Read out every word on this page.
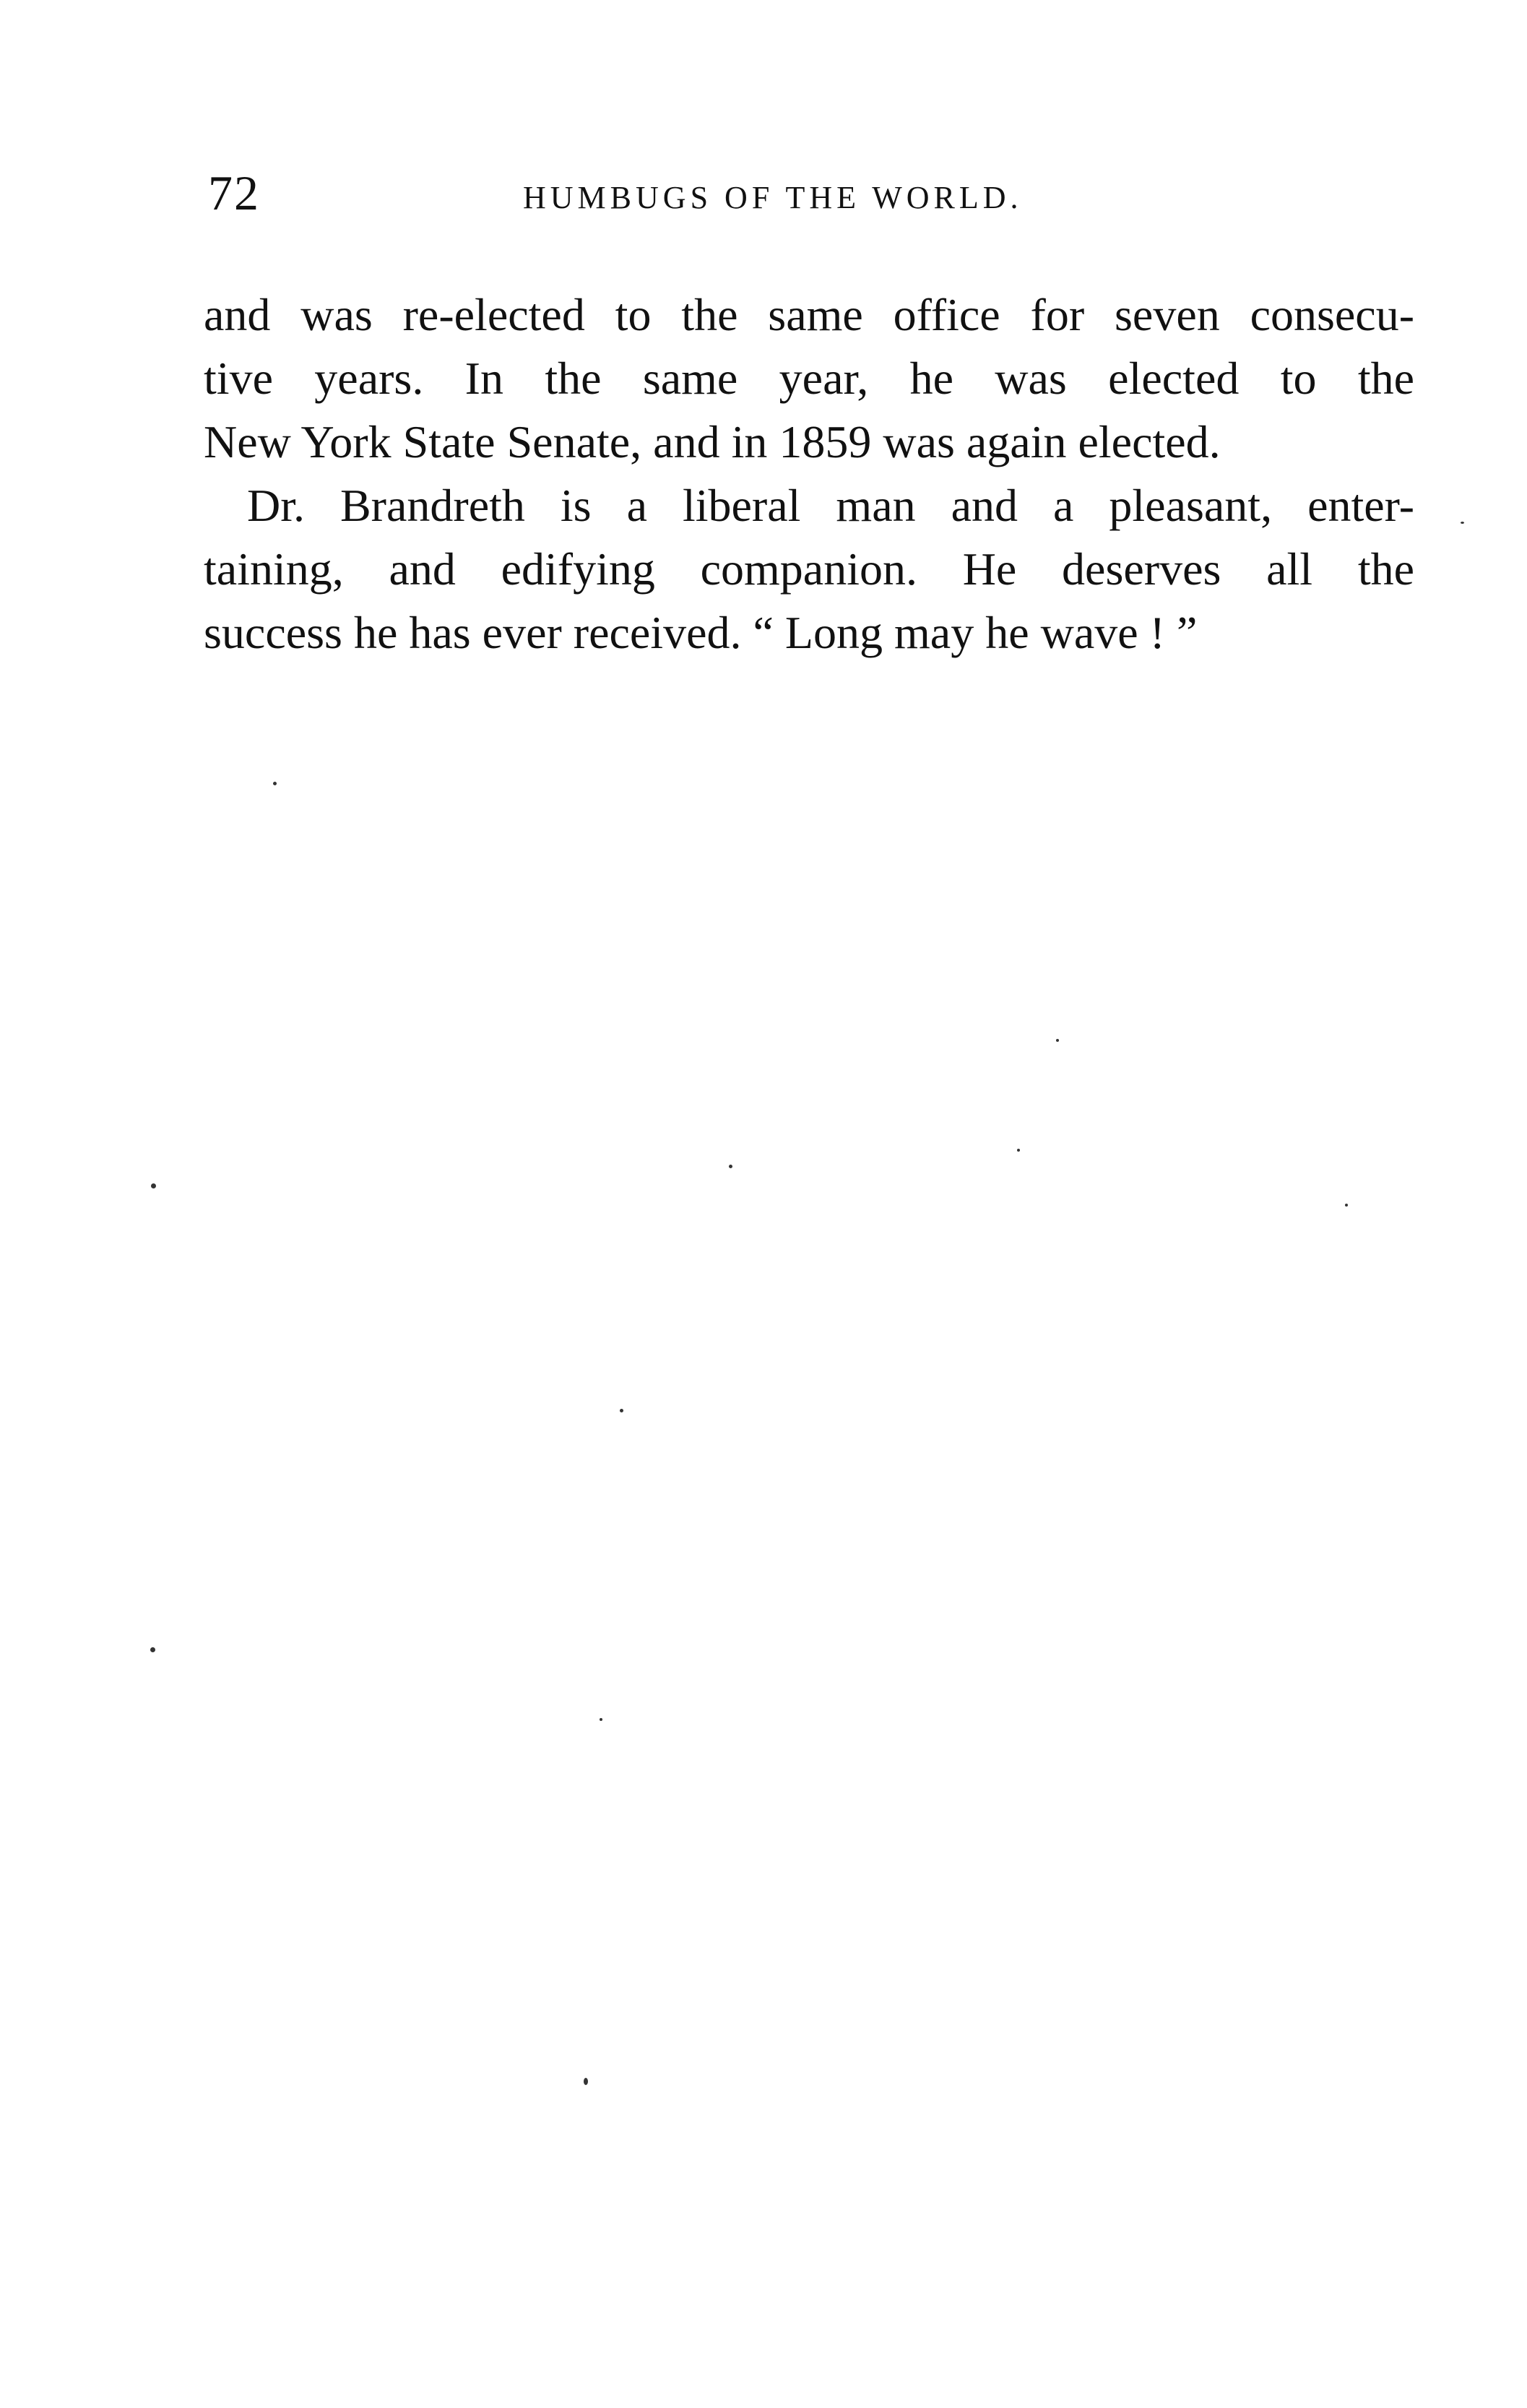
72	HUMBUGS OF THE WORLD.
and was re-elected to the same office for seven consecu-
tive years. In the same year, he was elected to the
New York State Senate, and in 1859 was again elected.
Dr. Brandreth is a liberal man and a pleasant, enter-
taining, and edifying companion. He deserves all the
success he has ever received. “ Long may he wave ! ”
